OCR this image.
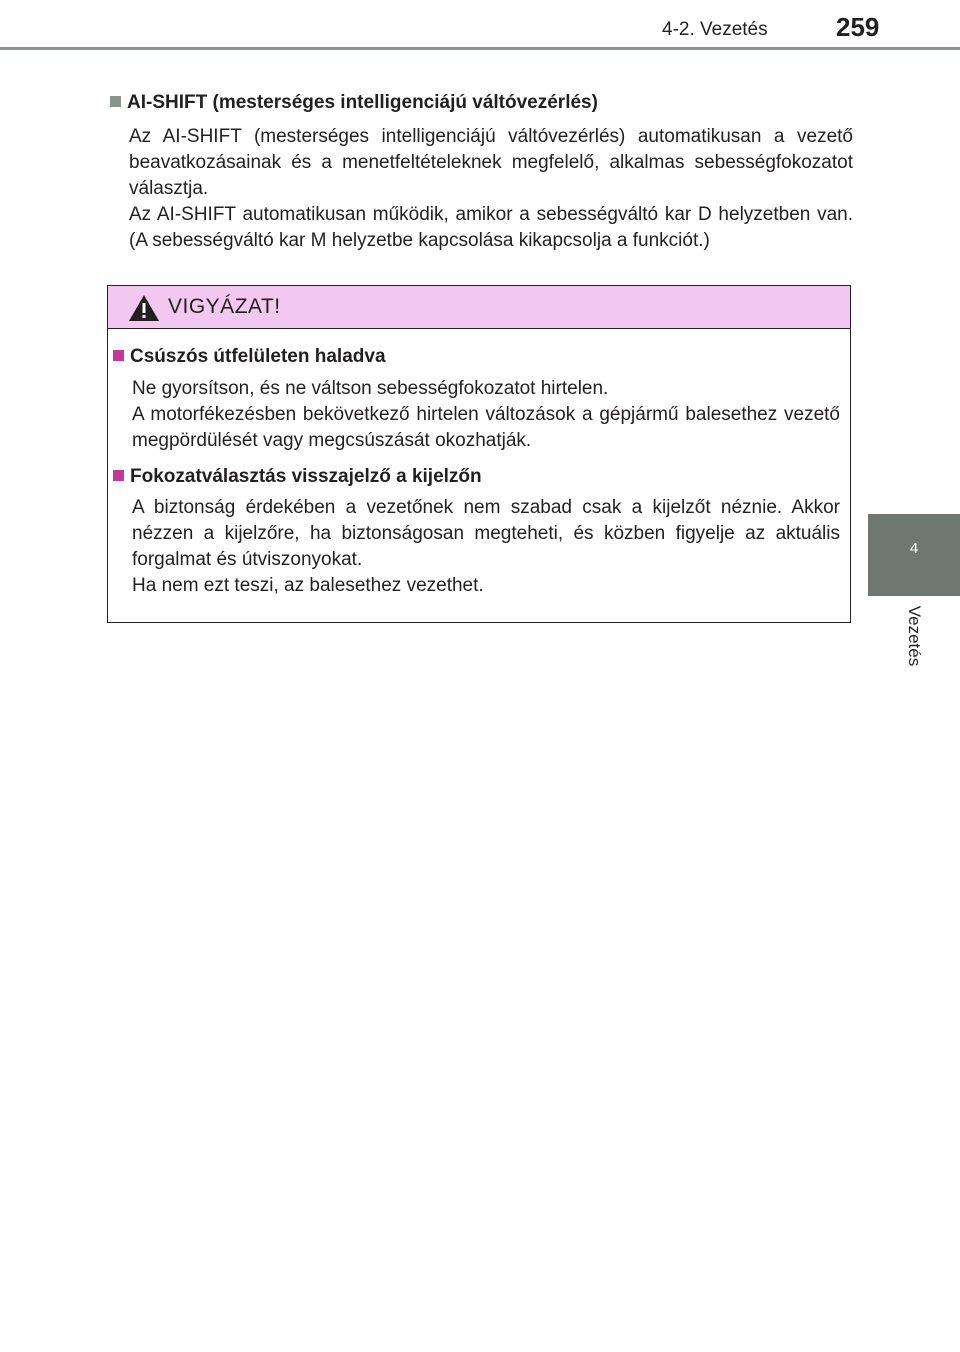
4-2. Vezetés	259
4
Vezetés
AI-SHIFT (mesterséges intelligenciájú váltóvezérlés)

Az AI-SHIFT (mesterséges intelligenciájú váltóvezérlés) automatikusan a vezető beavatkozásainak és a menetfeltételeknek megfelelő, alkalmas sebességfokozatot választja.

Az AI-SHIFT automatikusan működik, amikor a sebességváltó kar D helyzetben van. (A sebességváltó kar M helyzetbe kapcsolása kikapcsolja a funkciót.)

VIGYÁZAT!
Csúszós útfelületen haladva

Ne gyorsítson, és ne váltson sebességfokozatot hirtelen.

A motorfékezésben bekövetkező hirtelen változások a gépjármű balesethez vezető megpördülését vagy megcsúszását okozhatják.

Fokozatválasztás visszajelző a kijelzőn

A biztonság érdekében a vezetőnek nem szabad csak a kijelzőt néznie. Akkor nézzen a kijelzőre, ha biztonságosan megteheti, és közben figyelje az aktuális forgalmat és útviszonyokat.

Ha nem ezt teszi, az balesethez vezethet.
